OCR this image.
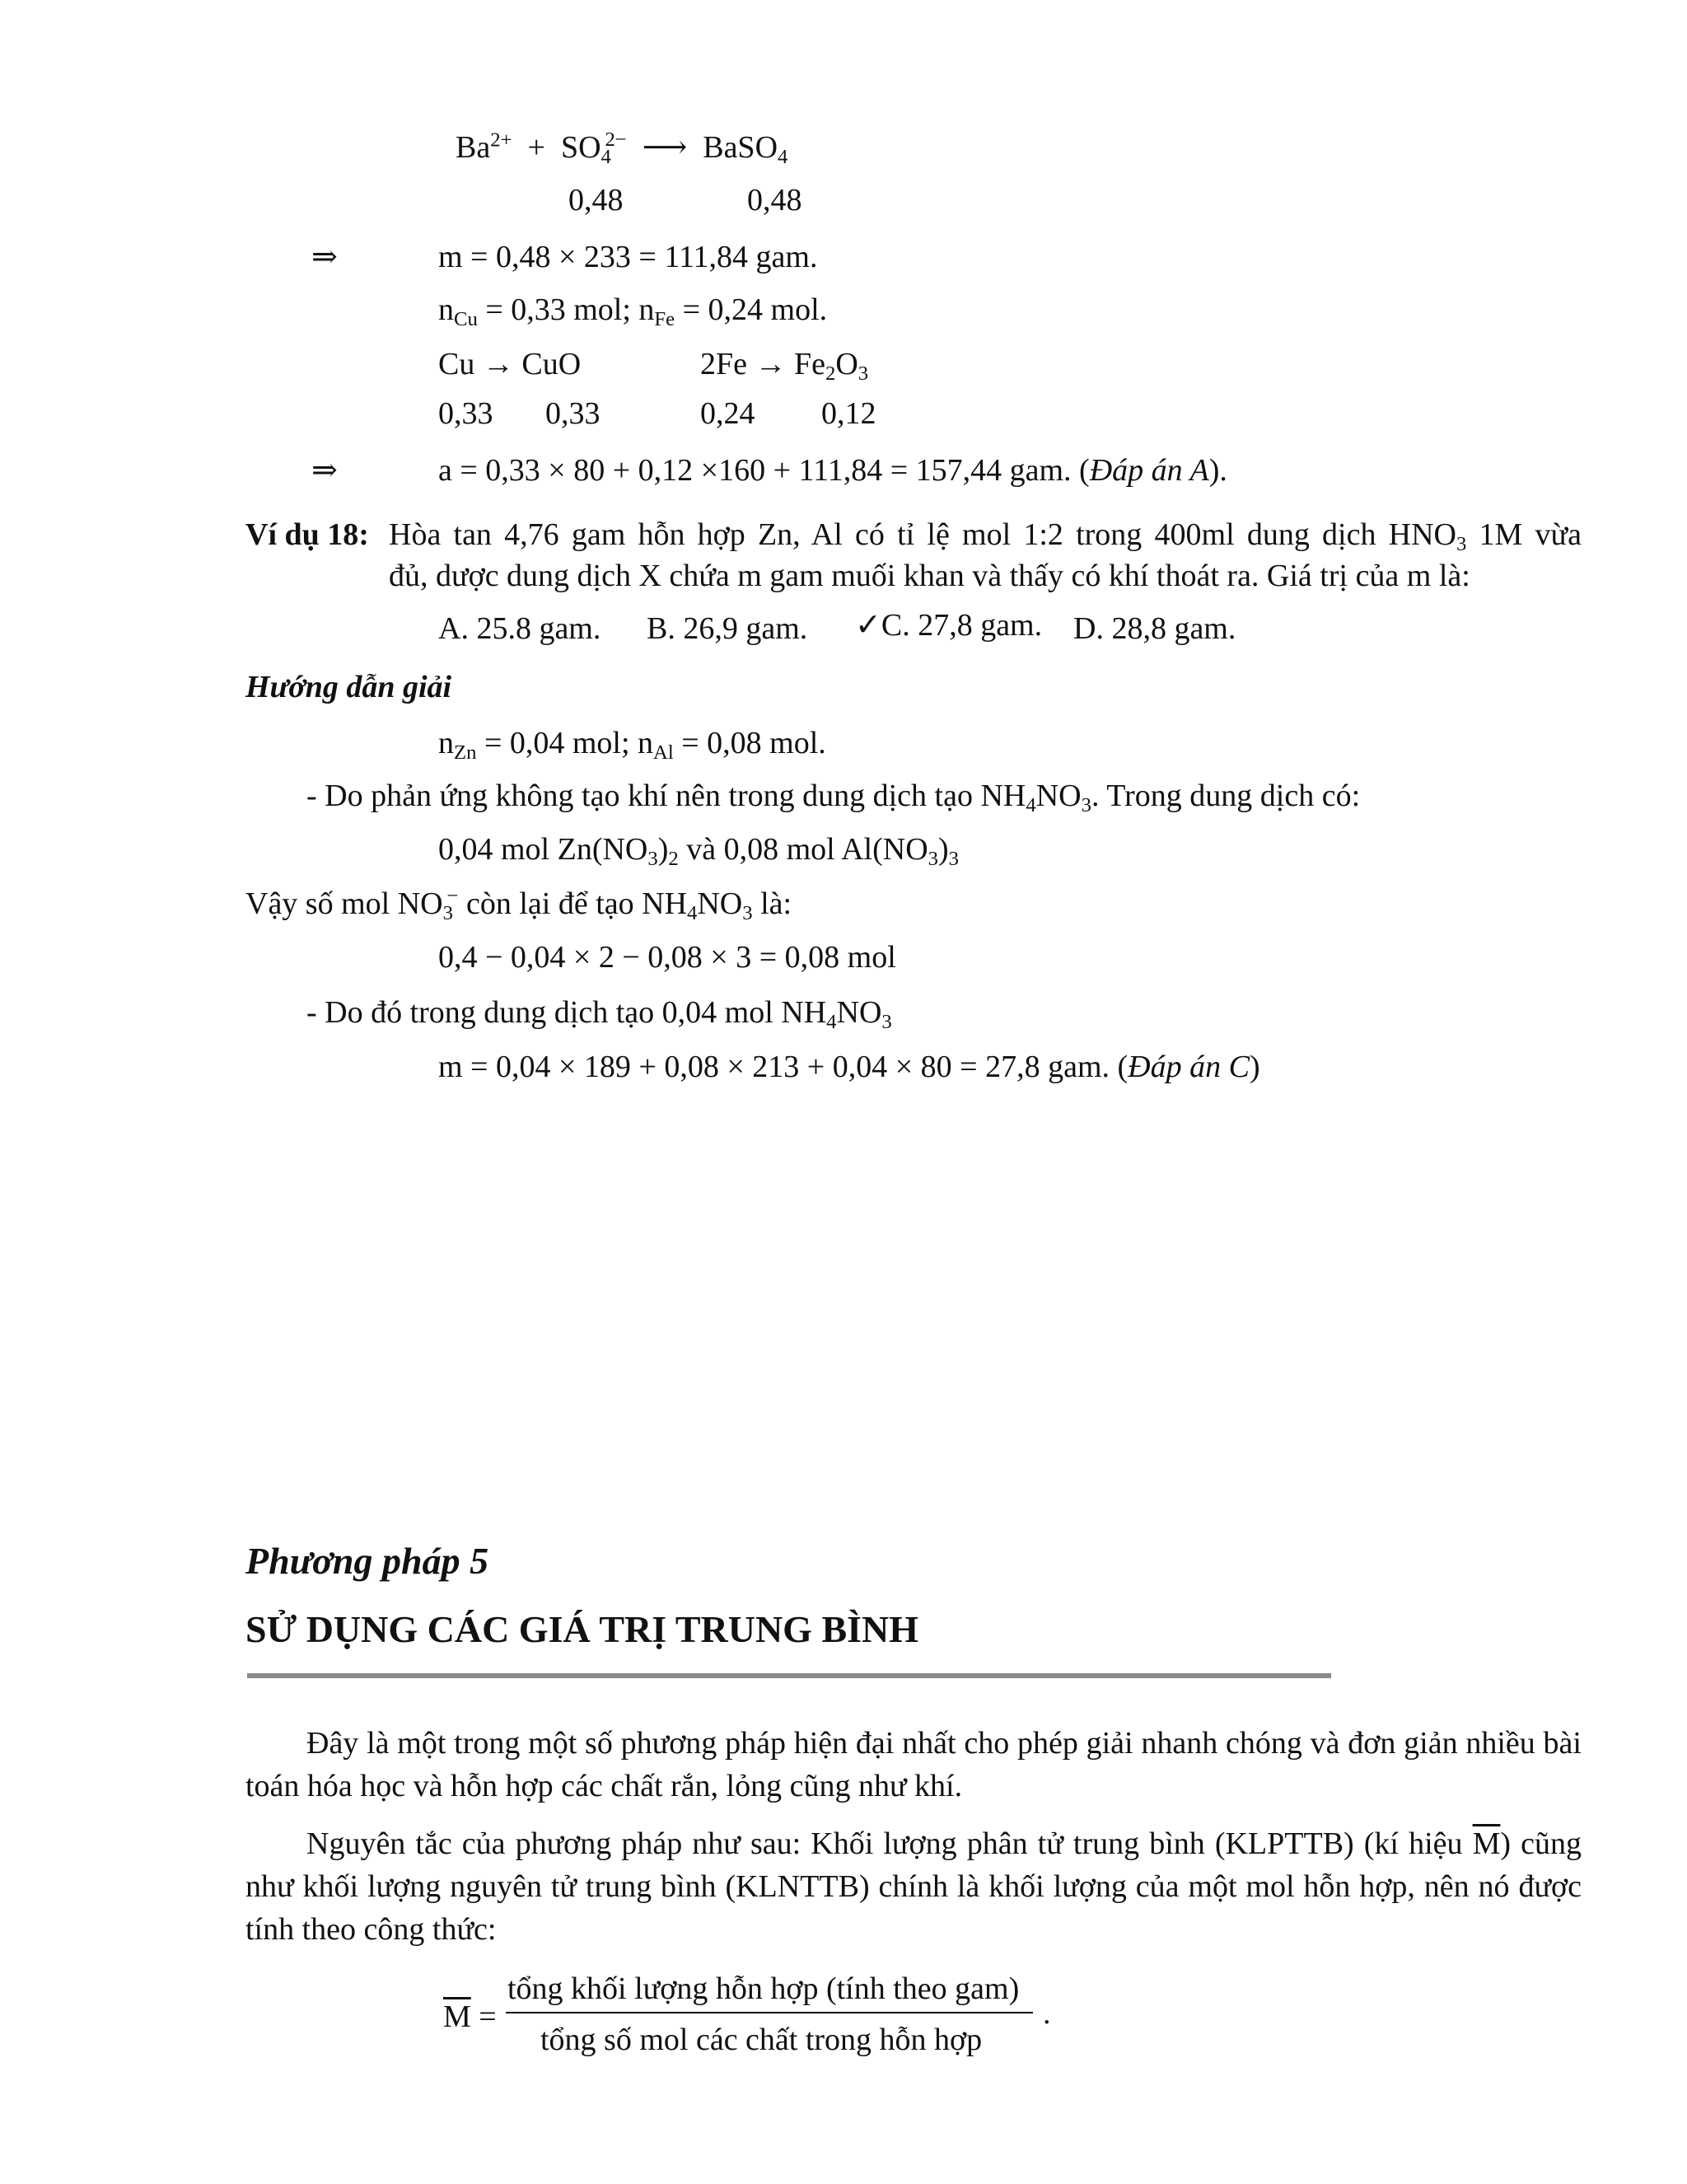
$Ba^{2+} + SO_4^{2-}$ ⟶ BaSO$_4$
0,48	0,48
⇒	m = 0,48 × 233 = 111,84 gam.
$n_{Cu} = 0,33$ mol; $n_{Fe} = 0,24$ mol.
Cu → CuO	$2Fe \to Fe_2O_3$
0,33 0,33	0,24 0,12
⇒	a = 0,33 × 80 + 0,12 ×160 + 111,84 = 157,44 gam. (Đáp án A).
Ví dụ 18: Hòa tan 4,76 gam hỗn hợp Zn, Al có tỉ lệ mol 1:2 trong 400ml dung dịch $HNO_3$ 1M vừa
đủ, dược dung dịch X chứa m gam muối khan và thấy có khí thoát ra. Giá trị của m là:
A. 25.8 gam. B. 26,9 gam. ✓C. 27,8 gam. D. 28,8 gam.
Hướng dẫn giải
$n_{Zn} = 0,04$ mol; $n_{Al} = 0,08$ mol.
- Do phản ứng không tạo khí nên trong dung dịch tạo $NH_4NO_3$. Trong dung dịch có:
0,04 mol $Zn(NO_3)_2$ và 0,08 mol $Al(NO_3)_3$
Vậy số mol $NO_3^-$ còn lại để tạo $NH_4NO_3$ là:
0,4 − 0,04 × 2 − 0,08 × 3 = 0,08 mol
- Do đó trong dung dịch tạo 0,04 mol $NH_4NO_3$
m = 0,04 × 189 + 0,08 × 213 + 0,04 × 80 = 27,8 gam. (Đáp án C)
Phương pháp 5
SỬ DỤNG CÁC GIÁ TRỊ TRUNG BÌNH
Đây là một trong một số phương pháp hiện đại nhất cho phép giải nhanh chóng và đơn giản nhiều bài toán hóa học và hỗn hợp các chất rắn, lỏng cũng như khí.
Nguyên tắc của phương pháp như sau: Khối lượng phân tử trung bình (KLPTTB) (kí hiệu $\overline{M}$) cũng như khối lượng nguyên tử trung bình (KLNTTB) chính là khối lượng của một mol hỗn hợp, nên nó được tính theo công thức:
$\overline{M}$ =
tổng khối lượng hỗn hợp (tính theo gam)
tổng số mol các chất trong hỗn hợp
.
